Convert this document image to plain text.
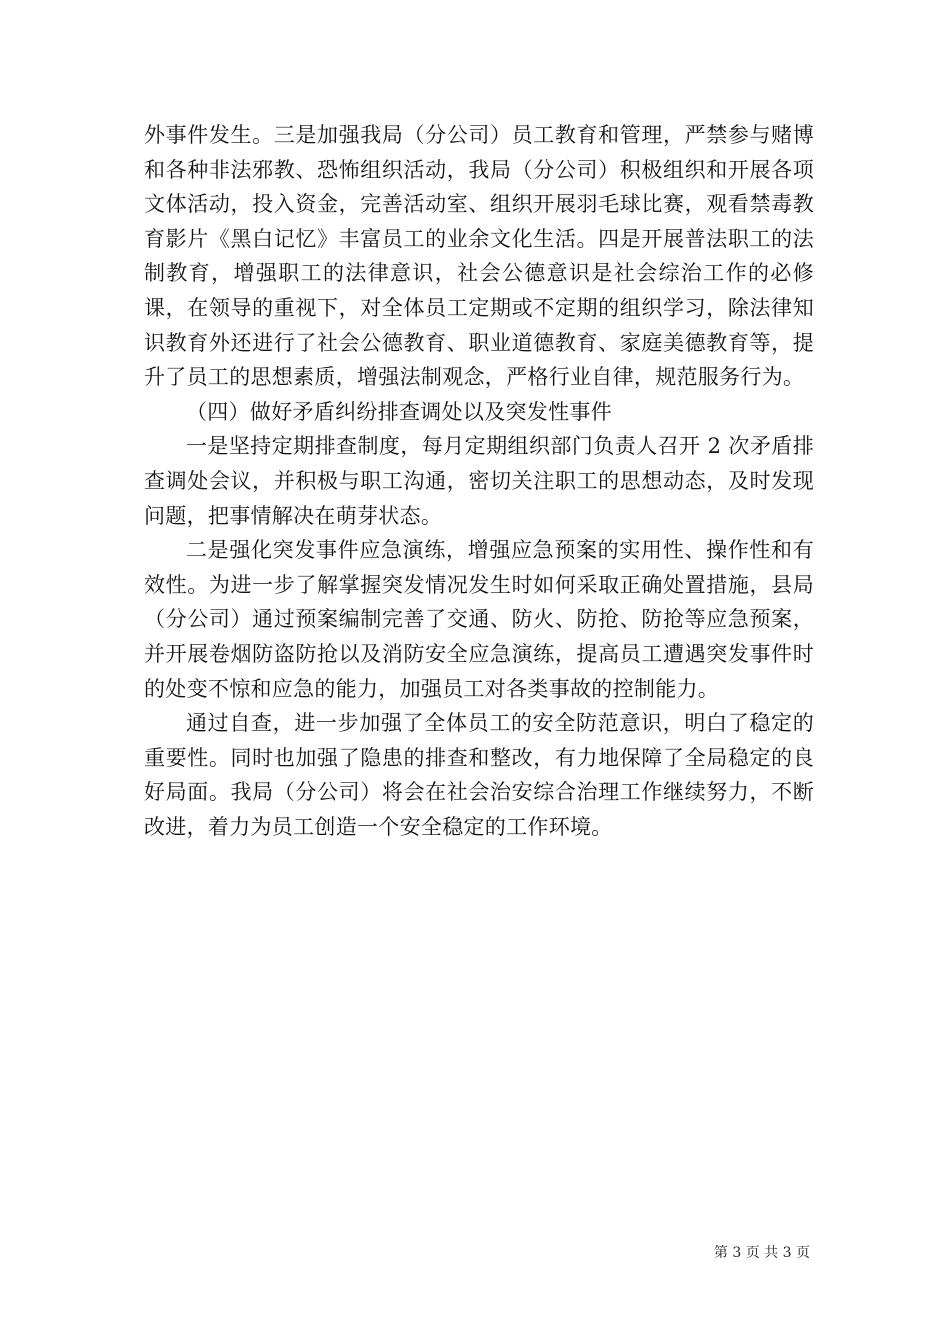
外事件发生。三是加强我局（分公司）员工教育和管理，严禁参与赌博和各种非法邪教、恐怖组织活动，我局（分公司）积极组织和开展各项文体活动，投入资金，完善活动室、组织开展羽毛球比赛，观看禁毒教育影片《黑白记忆》丰富员工的业余文化生活。四是开展普法职工的法制教育，增强职工的法律意识，社会公德意识是社会综治工作的必修课，在领导的重视下，对全体员工定期或不定期的组织学习，除法律知识教育外还进行了社会公德教育、职业道德教育、家庭美德教育等，提升了员工的思想素质，增强法制观念，严格行业自律，规范服务行为。

（四）做好矛盾纠纷排查调处以及突发性事件

一是坚持定期排查制度，每月定期组织部门负责人召开 2 次矛盾排查调处会议，并积极与职工沟通，密切关注职工的思想动态，及时发现问题，把事情解决在萌芽状态。

二是强化突发事件应急演练，增强应急预案的实用性、操作性和有效性。为进一步了解掌握突发情况发生时如何采取正确处置措施，县局（分公司）通过预案编制完善了交通、防火、防抢、防抢等应急预案，并开展卷烟防盗防抢以及消防安全应急演练，提高员工遭遇突发事件时的处变不惊和应急的能力，加强员工对各类事故的控制能力。

通过自查，进一步加强了全体员工的安全防范意识，明白了稳定的重要性。同时也加强了隐患的排查和整改，有力地保障了全局稳定的良好局面。我局（分公司）将会在社会治安综合治理工作继续努力，不断改进，着力为员工创造一个安全稳定的工作环境。

第 3 页 共 3 页
